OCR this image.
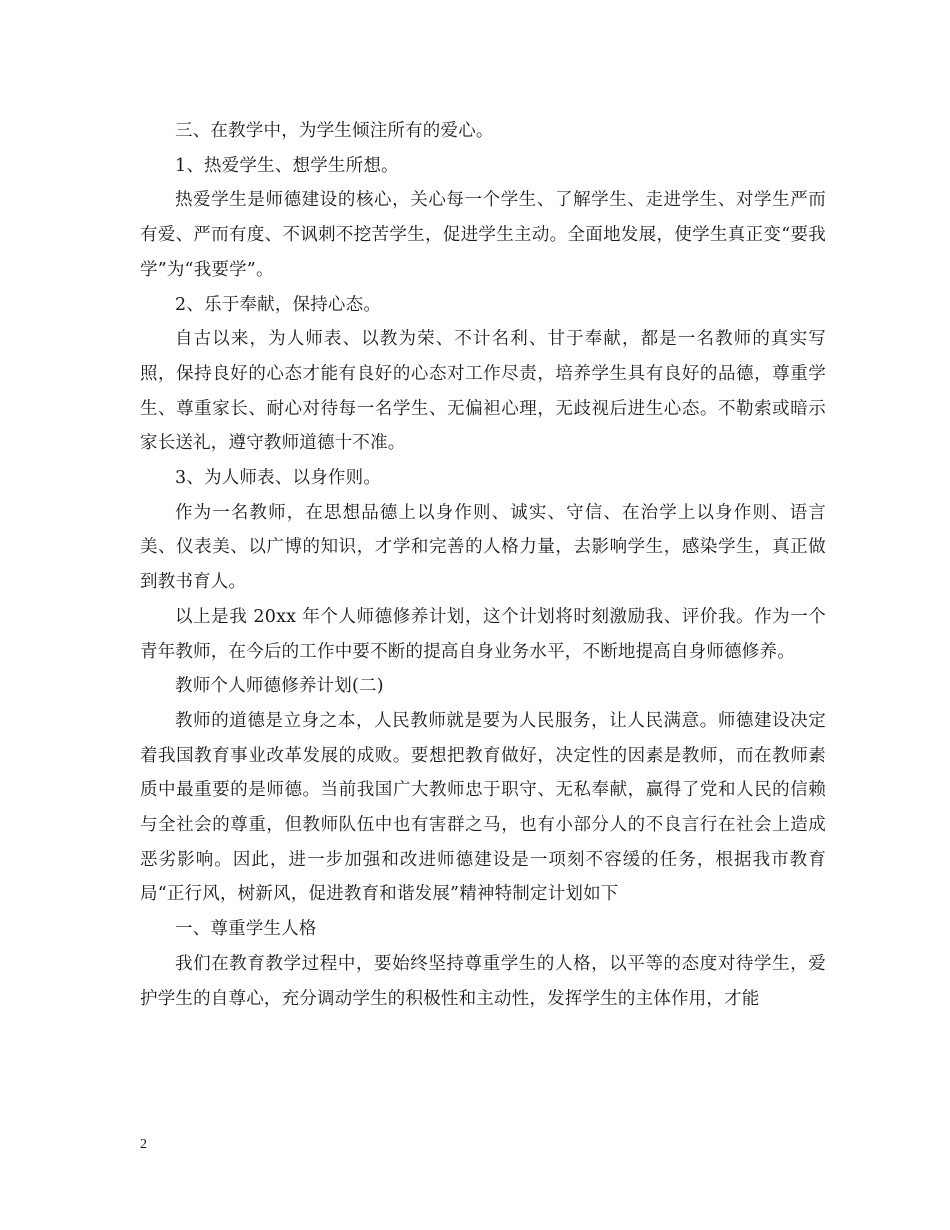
三、在教学中，为学生倾注所有的爱心。

1、热爱学生、想学生所想。

热爱学生是师德建设的核心，关心每一个学生、了解学生、走进学生、对学生严而有爱、严而有度、不讽刺不挖苦学生，促进学生主动。全面地发展，使学生真正变“要我学”为“我要学”。

2、乐于奉献，保持心态。

自古以来，为人师表、以教为荣、不计名利、甘于奉献，都是一名教师的真实写照，保持良好的心态才能有良好的心态对工作尽责，培养学生具有良好的品德，尊重学生、尊重家长、耐心对待每一名学生、无偏袒心理，无歧视后进生心态。不勒索或暗示家长送礼，遵守教师道德十不准。

3、为人师表、以身作则。

作为一名教师，在思想品德上以身作则、诚实、守信、在治学上以身作则、语言美、仪表美、以广博的知识，才学和完善的人格力量，去影响学生，感染学生，真正做到教书育人。

以上是我 20xx 年个人师德修养计划，这个计划将时刻激励我、评价我。作为一个青年教师，在今后的工作中要不断的提高自身业务水平，不断地提高自身师德修养。

教师个人师德修养计划(二)

教师的道德是立身之本，人民教师就是要为人民服务，让人民满意。师德建设决定着我国教育事业改革发展的成败。要想把教育做好，决定性的因素是教师，而在教师素质中最重要的是师德。当前我国广大教师忠于职守、无私奉献，赢得了党和人民的信赖与全社会的尊重，但教师队伍中也有害群之马，也有小部分人的不良言行在社会上造成恶劣影响。因此，进一步加强和改进师德建设是一项刻不容缓的任务，根据我市教育局“正行风，树新风，促进教育和谐发展”精神特制定计划如下

一、尊重学生人格

我们在教育教学过程中，要始终坚持尊重学生的人格，以平等的态度对待学生，爱护学生的自尊心，充分调动学生的积极性和主动性，发挥学生的主体作用，才能

2
